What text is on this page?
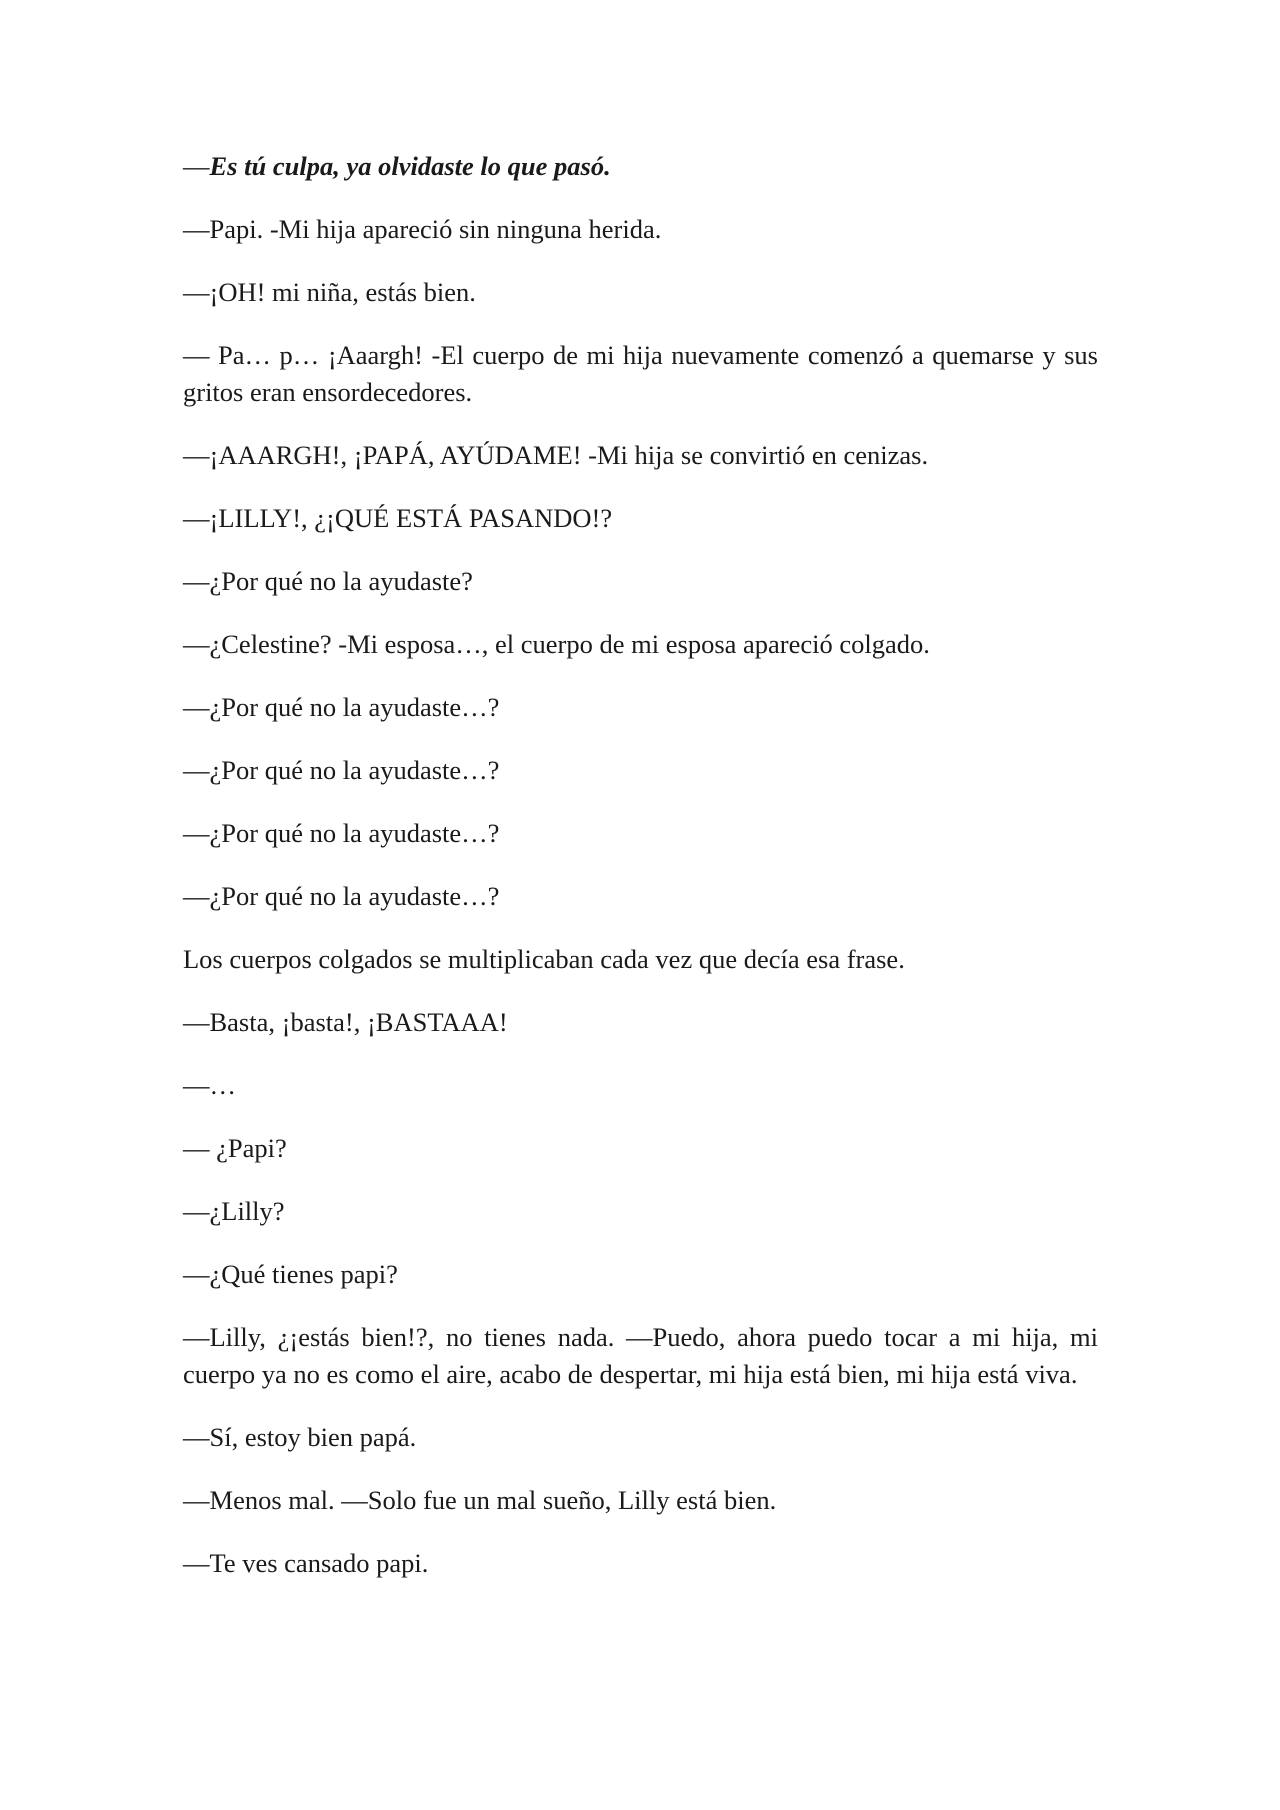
—Es tú culpa, ya olvidaste lo que pasó.

—Papi. -Mi hija apareció sin ninguna herida.

—¡OH! mi niña, estás bien.

— Pa… p… ¡Aaargh! -El cuerpo de mi hija nuevamente comenzó a quemarse y sus gritos eran ensordecedores.

—¡AAARGH!, ¡PAPÁ, AYÚDAME! -Mi hija se convirtió en cenizas.

—¡LILLY!, ¿¡QUÉ ESTÁ PASANDO!?

—¿Por qué no la ayudaste?

—¿Celestine? -Mi esposa…, el cuerpo de mi esposa apareció colgado.

—¿Por qué no la ayudaste…?

—¿Por qué no la ayudaste…?

—¿Por qué no la ayudaste…?

—¿Por qué no la ayudaste…?

Los cuerpos colgados se multiplicaban cada vez que decía esa frase.

—Basta, ¡basta!, ¡BASTAAA!

—…

— ¿Papi?

—¿Lilly?

—¿Qué tienes papi?

—Lilly, ¿¡estás bien!?, no tienes nada. —Puedo, ahora puedo tocar a mi hija, mi cuerpo ya no es como el aire, acabo de despertar, mi hija está bien, mi hija está viva.

—Sí, estoy bien papá.

—Menos mal. —Solo fue un mal sueño, Lilly está bien.

—Te ves cansado papi.
